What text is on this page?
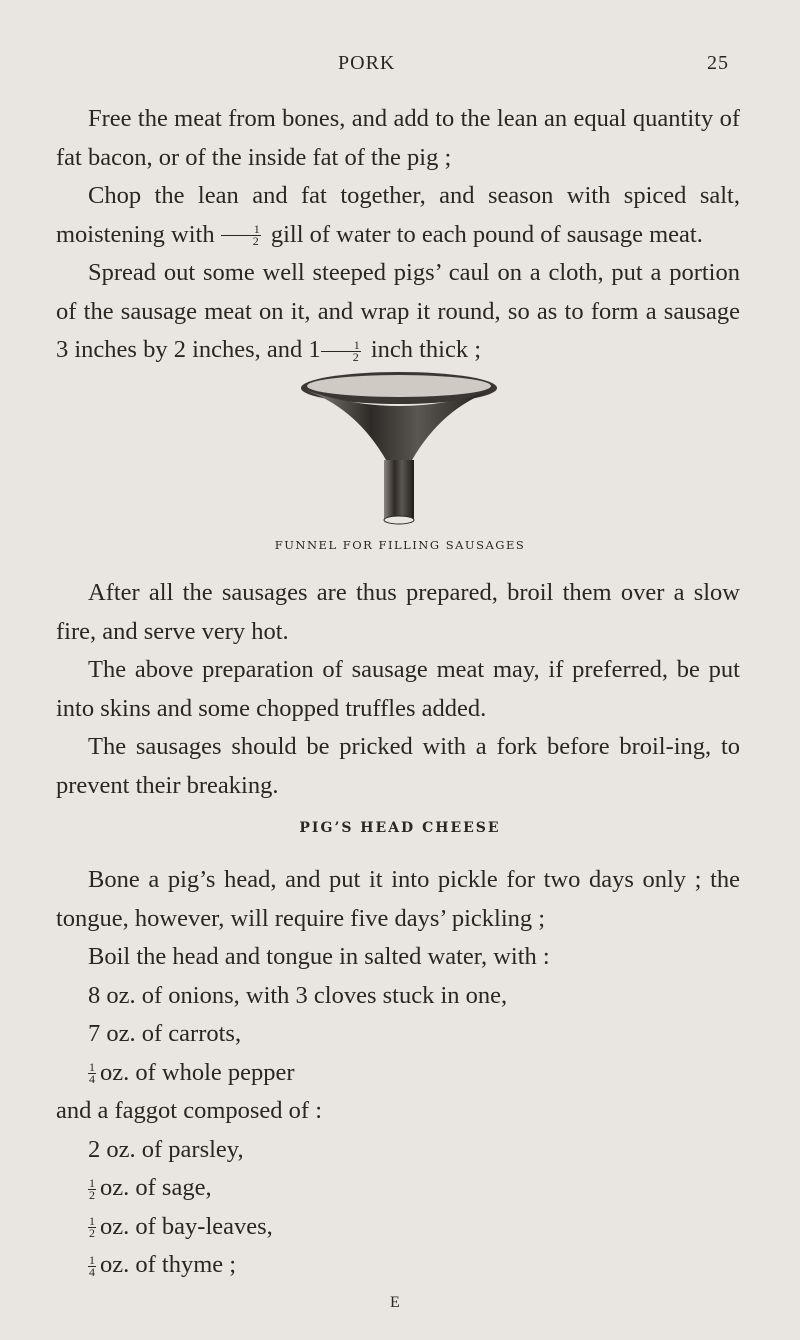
PORK	25

Free the meat from bones, and add to the lean an equal quantity of fat bacon, or of the inside fat of the pig ;

Chop the lean and fat together, and season with spiced salt, moistening with $\frac{1}{2}$ gill of water to each pound of sausage meat.

Spread out some well steeped pigs’ caul on a cloth, put a portion of the sausage meat on it, and wrap it round, so as to form a sausage 3 inches by 2 inches, and $1 \frac{1}{2}$ inch thick ;

FUNNEL FOR FILLING SAUSAGES

After all the sausages are thus prepared, broil them over a slow fire, and serve very hot.

The above preparation of sausage meat may, if preferred, be put into skins and some chopped truffles added.

The sausages should be pricked with a fork before broil-ing, to prevent their breaking.

PIG’S HEAD CHEESE

Bone a pig’s head, and put it into pickle for two days only ; the tongue, however, will require five days’ pickling ;

Boil the head and tongue in salted water, with :

8 oz. of onions, with 3 cloves stuck in one,
7 oz. of carrots,
$\frac{1}{4}$ oz. of whole pepper

and a faggot composed of :

2 oz. of parsley,
$\frac{1}{2}$ oz. of sage,
$\frac{1}{2}$ oz. of bay-leaves,
$\frac{1}{4}$ oz. of thyme ;
E
